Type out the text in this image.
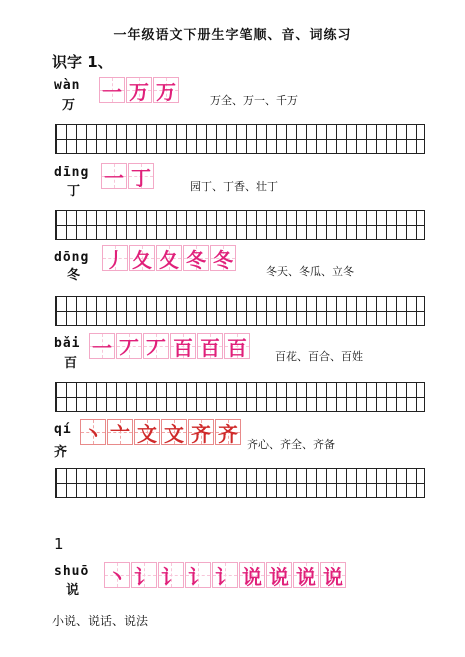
一年级语文下册生字笔顺、音、词练习
识字 1、
wàn
万
一 万 万	万全、万一、千万
dīng
丁
一 丁	园丁、丁香、壮丁
dōng
冬
丿 夂 夂 冬 冬	冬天、冬瓜、立冬
bǎi
百
一 丆 丆 百 百 百	百花、百合、百姓
qí
齐
丶 亠 文 文 齐 齐 齐心、齐全、齐备
1
shuō
说
丶 讠 讠 讠 讠 说 说 说 说
小说、说话、说法
